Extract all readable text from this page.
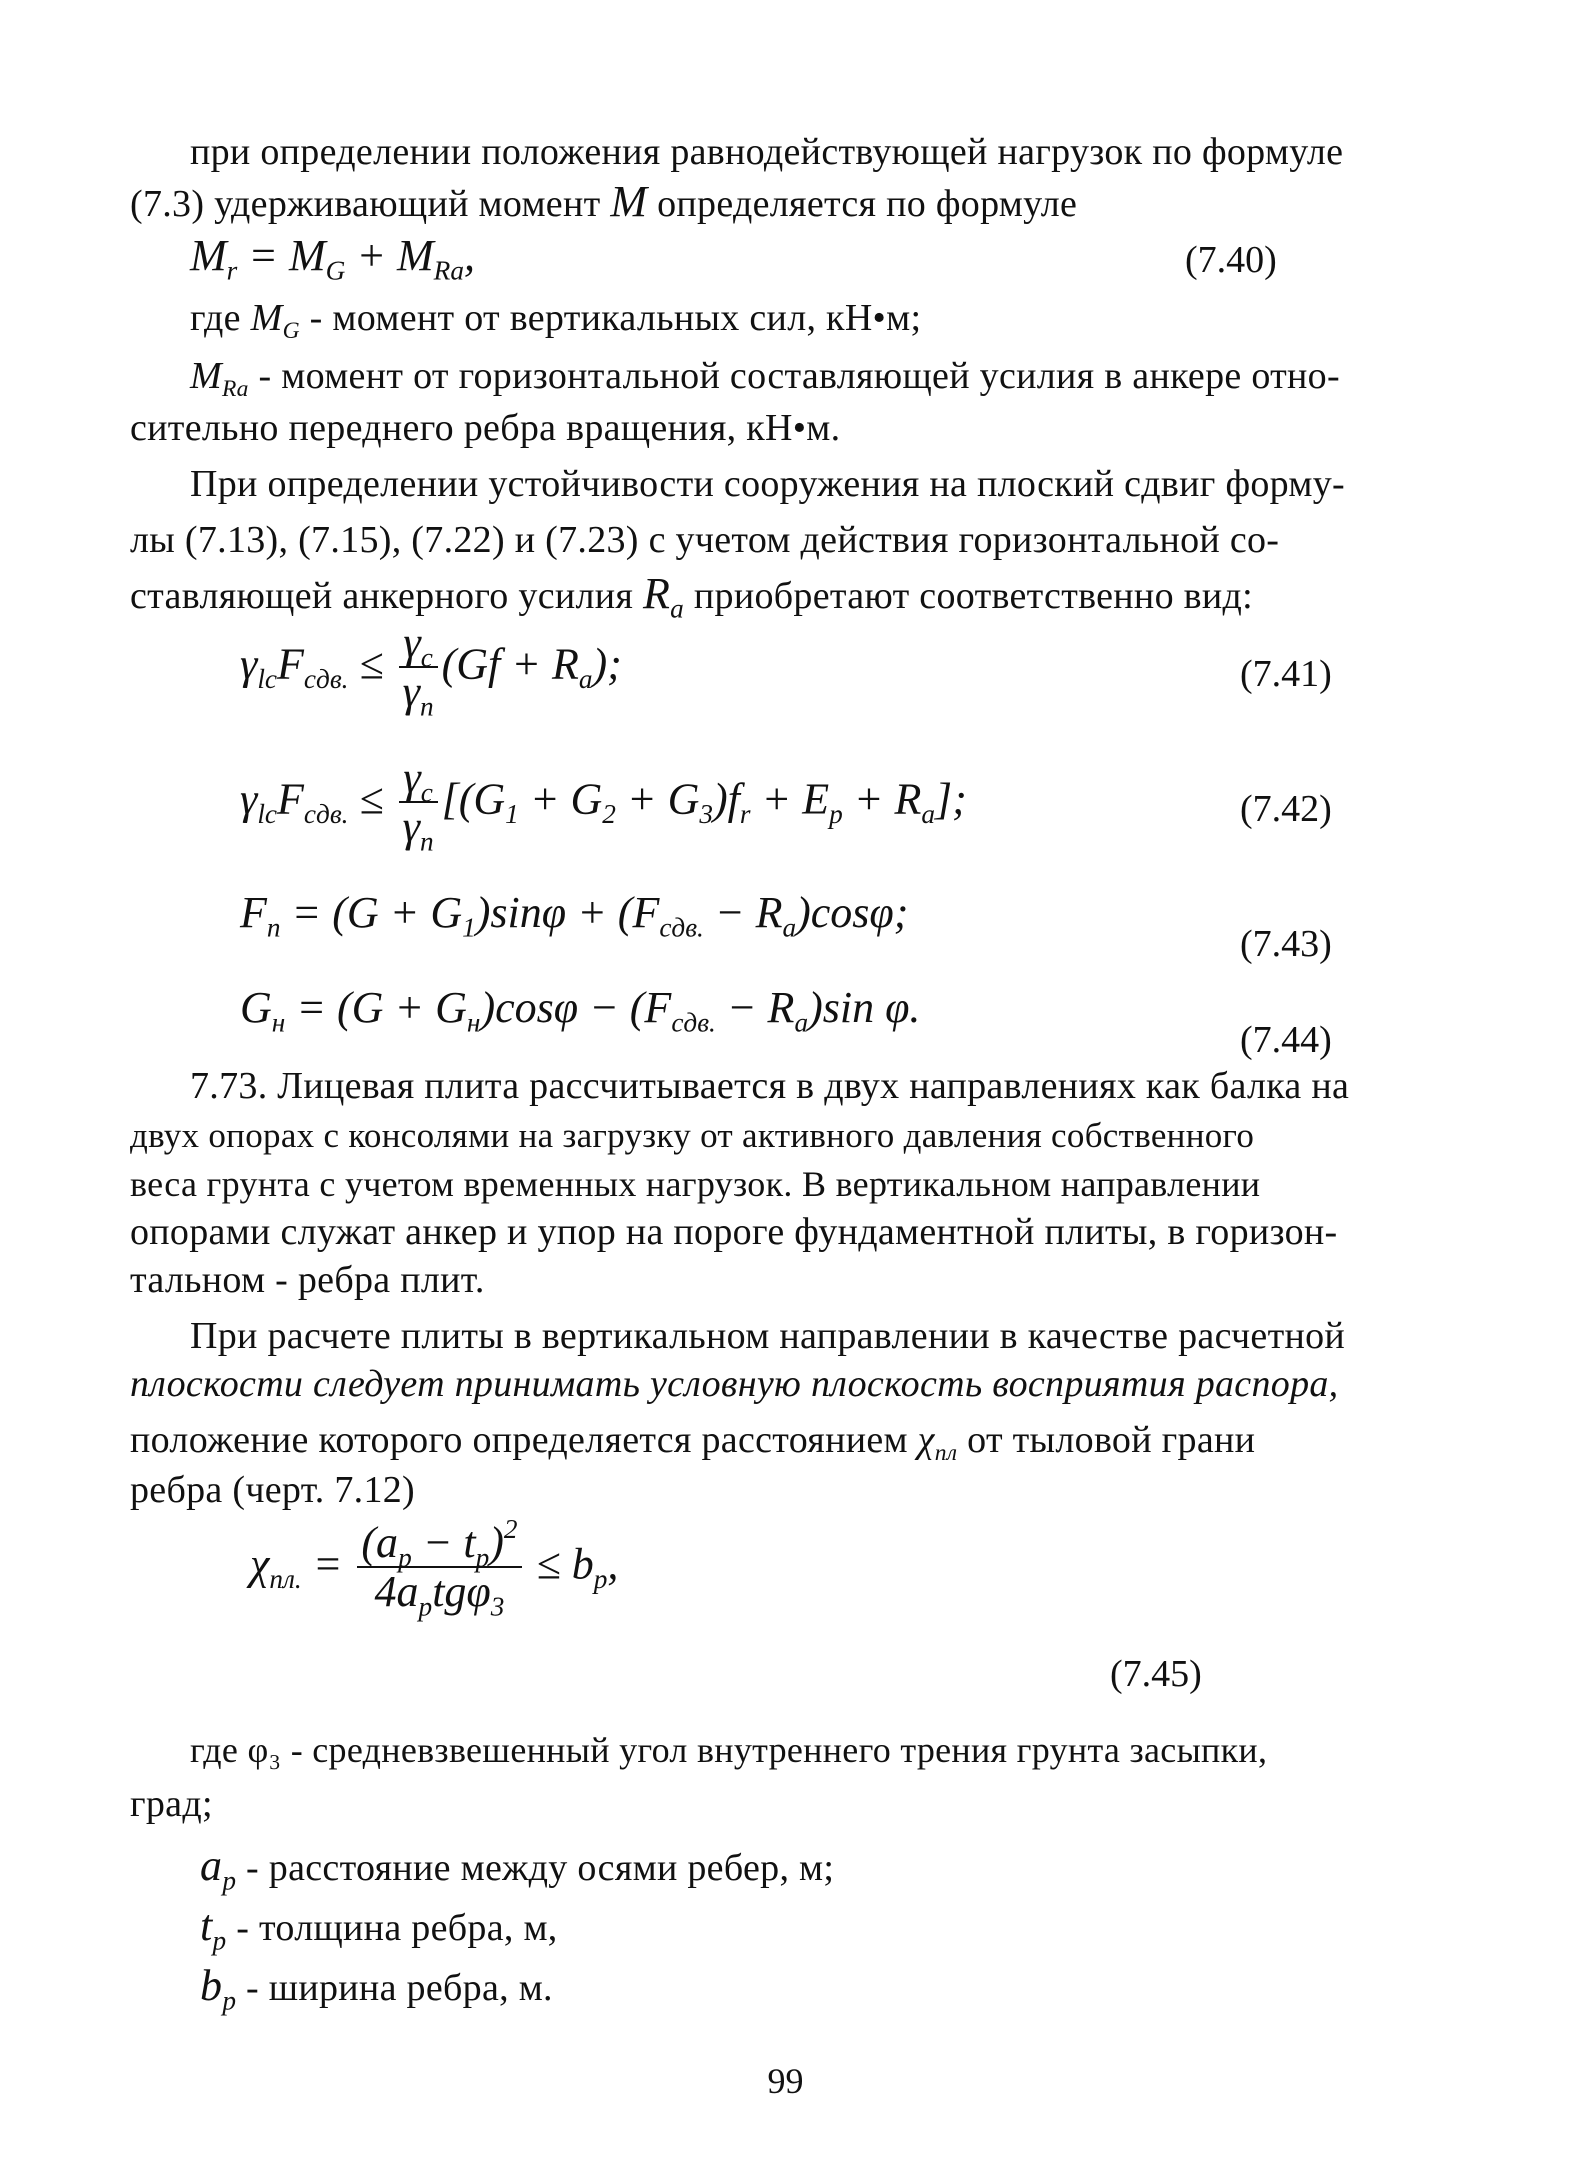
при определении положения равнодействующей нагрузок по формуле
(7.3) удерживающий момент M определяется по формуле
$M_r = M_G + M_{Ra}$,	(7.40)
где $M_G$ - момент от вертикальных сил, кН•м;
$M_{Ra}$ - момент от горизонтальной составляющей усилия в анкере отно-
сительно переднего ребра вращения, кН•м.
При определении устойчивости сооружения на плоский сдвиг форму-
лы (7.13), (7.15), (7.22) и (7.23) с учетом действия горизонтальной со-
ставляющей анкерного усилия $R_a$ приобретают соответственно вид:
$\gamma_{lc}F_{сдв.} \le \frac{\gamma_c}{\gamma_n} (Gf + R_a)$;	(7.41)
$\gamma_{lc}F_{сдв.} \le \frac{\gamma_c}{\gamma_n} [(G_1 + G_2 + G_3)f_r + E_p + R_a]$;	(7.42)
$F_n = (G + G_1)\sin\varphi + (F_{сдв.} - R_a)\cos\varphi$;
(7.43)
$G_н = (G + G_н)\cos\varphi - (F_{сдв.} - R_a)\sin$ φ.
(7.44)
7.73. Лицевая плита рассчитывается в двух направлениях как балка на
двух опорах с консолями на загрузку от активного давления собственного
веса грунта с учетом временных нагрузок. В вертикальном направлении
опорами служат анкер и упор на пороге фундаментной плиты, в горизон-
тальном - ребра плит.
При расчете плиты в вертикальном направлении в качестве расчетной
плоскости следует принимать условную плоскость восприятия распора,
положение которого определяется расстоянием $\chi_{пл}$ от тыловой грани
ребра (черт. 7.12)
$\chi_{пл.} = \frac{(a_p - t_p)^2}{4a_ptg\varphi_3} \le b_p$,
(7.45)
где φ₃ - средневзвешенный угол внутреннего трения грунта засыпки,
град;
$a_p$ - расстояние между осями ребер, м;
$t_p$ - толщина ребра, м,
$b_p$ - ширина ребра, м.
99
